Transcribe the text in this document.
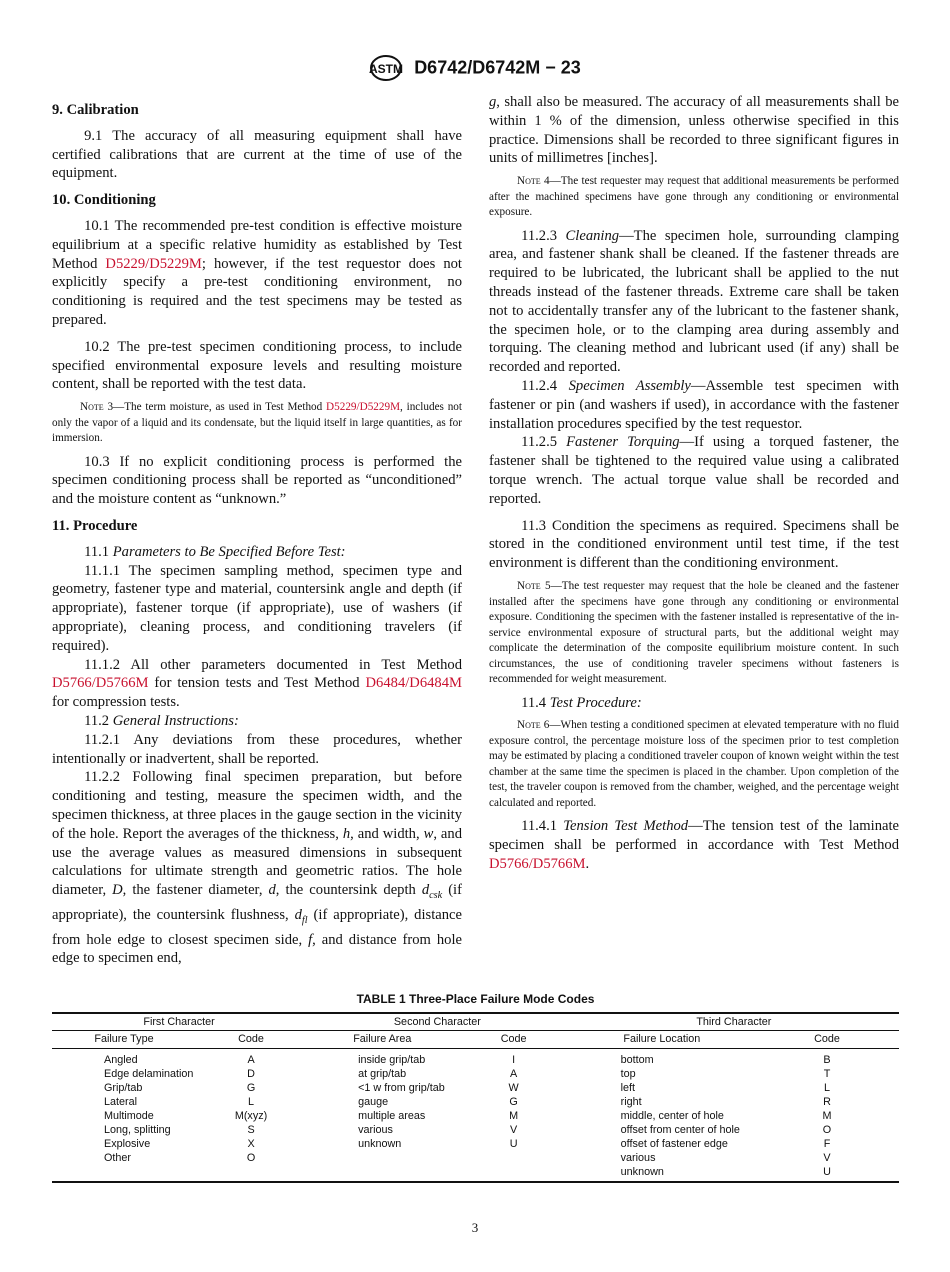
ASTM D6742/D6742M − 23
9. Calibration
9.1 The accuracy of all measuring equipment shall have certified calibrations that are current at the time of use of the equipment.
10. Conditioning
10.1 The recommended pre-test condition is effective moisture equilibrium at a specific relative humidity as established by Test Method D5229/D5229M; however, if the test requestor does not explicitly specify a pre-test conditioning environment, no conditioning is required and the test specimens may be tested as prepared.
10.2 The pre-test specimen conditioning process, to include specified environmental exposure levels and resulting moisture content, shall be reported with the test data.
Note 3—The term moisture, as used in Test Method D5229/D5229M, includes not only the vapor of a liquid and its condensate, but the liquid itself in large quantities, as for immersion.
10.3 If no explicit conditioning process is performed the specimen conditioning process shall be reported as “unconditioned” and the moisture content as “unknown.”
11. Procedure
11.1 Parameters to Be Specified Before Test:
11.1.1 The specimen sampling method, specimen type and geometry, fastener type and material, countersink angle and depth (if appropriate), fastener torque (if appropriate), use of washers (if appropriate), cleaning process, and conditioning travelers (if required).
11.1.2 All other parameters documented in Test Method D5766/D5766M for tension tests and Test Method D6484/D6484M for compression tests.
11.2 General Instructions:
11.2.1 Any deviations from these procedures, whether intentionally or inadvertent, shall be reported.
11.2.2 Following final specimen preparation, but before conditioning and testing, measure the specimen width, and the specimen thickness, at three places in the gauge section in the vicinity of the hole. Report the averages of the thickness, h, and width, w, and use the average values as measured dimensions in subsequent calculations for ultimate strength and geometric ratios. The hole diameter, D, the fastener diameter, d, the countersink depth $d_{csk}$ (if appropriate), the countersink flushness, $d_{fl}$ (if appropriate), distance from hole edge to closest specimen side, f, and distance from hole edge to specimen end,
g, shall also be measured. The accuracy of all measurements shall be within 1 % of the dimension, unless otherwise specified in this practice. Dimensions shall be recorded to three significant figures in units of millimetres [inches].
Note 4—The test requester may request that additional measurements be performed after the machined specimens have gone through any conditioning or environmental exposure.
11.2.3 Cleaning—The specimen hole, surrounding clamping area, and fastener shank shall be cleaned. If the fastener threads are required to be lubricated, the lubricant shall be applied to the nut threads instead of the fastener threads. Extreme care shall be taken not to accidentally transfer any of the lubricant to the fastener shank, the specimen hole, or to the clamping area during assembly and torquing. The cleaning method and lubricant used (if any) shall be recorded and reported.
11.2.4 Specimen Assembly—Assemble test specimen with fastener or pin (and washers if used), in accordance with the fastener installation procedures specified by the test requestor.
11.2.5 Fastener Torquing—If using a torqued fastener, the fastener shall be tightened to the required value using a calibrated torque wrench. The actual torque value shall be recorded and reported.
11.3 Condition the specimens as required. Specimens shall be stored in the conditioned environment until test time, if the test environment is different than the conditioning environment.
Note 5—The test requester may request that the hole be cleaned and the fastener installed after the specimens have gone through any conditioning or environmental exposure. Conditioning the specimen with the fastener installed is representative of the in-service environmental exposure of structural parts, but the additional weight may complicate the determination of the composite equilibrium moisture content. In such circumstances, the use of conditioning traveler specimens without fasteners is recommended for weight measurement.
11.4 Test Procedure:
Note 6—When testing a conditioned specimen at elevated temperature with no fluid exposure control, the percentage moisture loss of the specimen prior to test completion may be estimated by placing a conditioned traveler coupon of known weight within the test chamber at the same time the specimen is placed in the chamber. Upon completion of the test, the traveler coupon is removed from the chamber, weighed, and the percentage weight calculated and reported.
11.4.1 Tension Test Method—The tension test of the laminate specimen shall be performed in accordance with Test Method D5766/D5766M.
TABLE 1 Three-Place Failure Mode Codes
First Character		Second Character		Third Character	
Failure Type	Code	Failure Area	Code	Failure Location	Code
Angled	A	inside grip/tab	I	bottom	B
Edge delamination	D	at grip/tab	A	top	T
Grip/tab	G	<1 w from grip/tab	W	left	L
Lateral	L	gauge	G	right	R
Multimode	M(xyz)	multiple areas	M	middle, center of hole	M
Long, splitting	S	various	V	offset from center of hole	O
Explosive	X	unknown	U	offset of fastener edge	F
Other	O			various	V
				unknown	U
3
